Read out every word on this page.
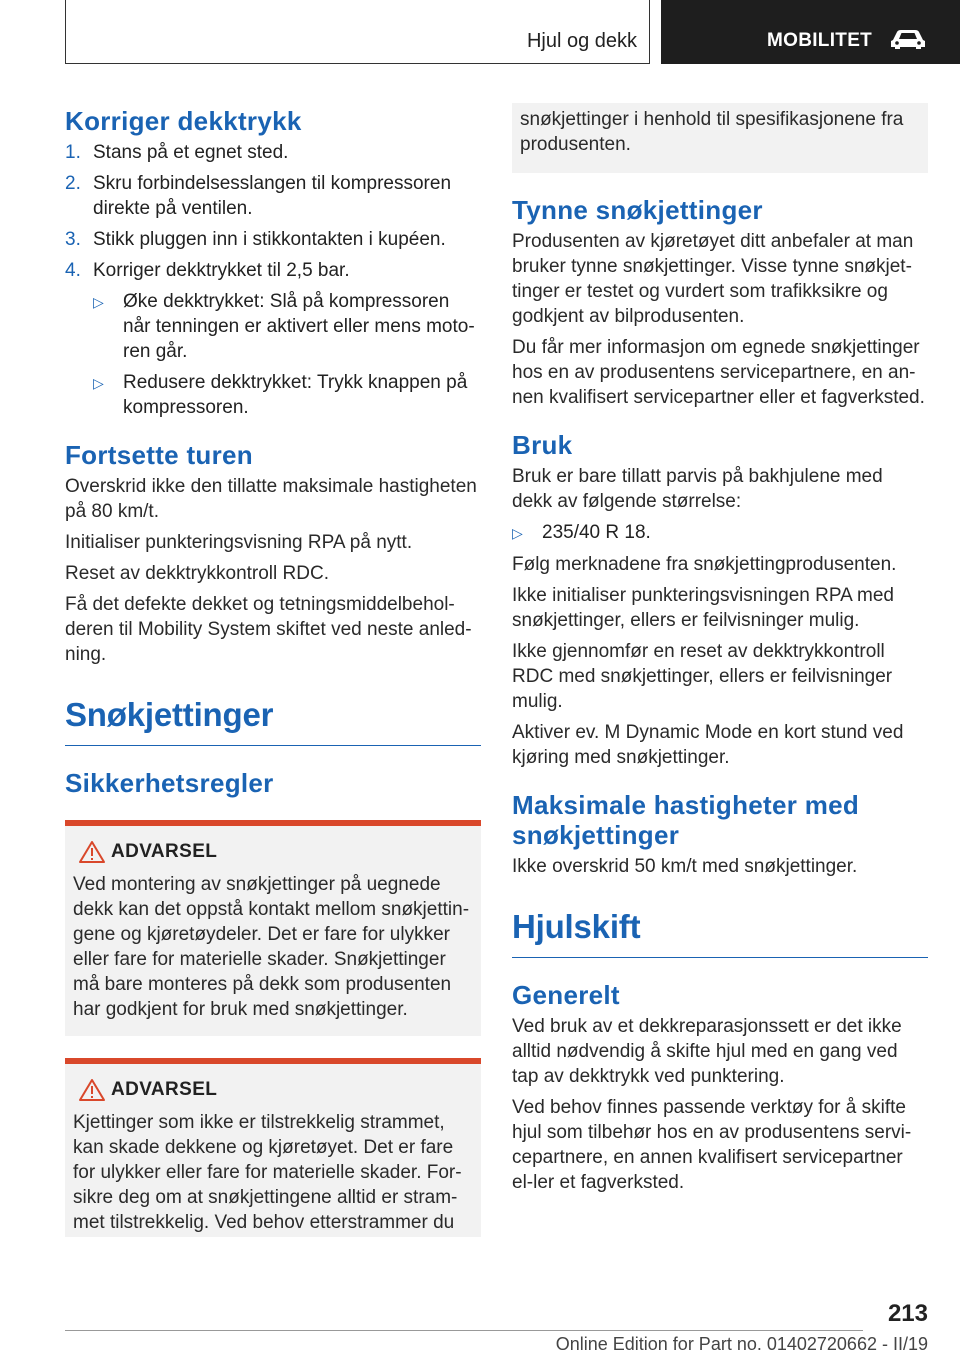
Hjul og dekk	MOBILITET
Korriger dekktrykk
1. Stans på et egnet sted.
2. Skru forbindelsesslangen til kompressoren direkte på ventilen.
3. Stikk pluggen inn i stikkontakten i kupéen.
4. Korriger dekktrykket til 2,5 bar.
▷	Øke dekktrykket: Slå på kompressoren når tenningen er aktivert eller mens moto-ren går.
▷	Redusere dekktrykket: Trykk knappen på kompressoren.
Fortsette turen

Overskrid ikke den tillatte maksimale hastigheten på 80 km/t.

Initialiser punkteringsvisning RPA på nytt.

Reset av dekktrykkontroll RDC.

Få det defekte dekket og tetningsmiddelbehol-deren til Mobility System skiftet ved neste anled-ning.

Snøkjettinger
Sikkerhetsregler
ADVARSEL

Ved montering av snøkjettinger på uegnede dekk kan det oppstå kontakt mellom snøkjettin-gene og kjøretøydeler. Det er fare for ulykker eller fare for materielle skader. Snøkjettinger må bare monteres på dekk som produsenten har godkjent for bruk med snøkjettinger.

ADVARSEL

Kjettinger som ikke er tilstrekkelig strammet, kan skade dekkene og kjøretøyet. Det er fare for ulykker eller fare for materielle skader. For-sikre deg om at snøkjettingene alltid er stram-met tilstrekkelig. Ved behov etterstrammer du

snøkjettinger i henhold til spesifikasjonene fra produsenten.

Tynne snøkjettinger

Produsenten av kjøretøyet ditt anbefaler at man bruker tynne snøkjettinger. Visse tynne snøkjet-tinger er testet og vurdert som trafikksikre og godkjent av bilprodusenten.

Du får mer informasjon om egnede snøkjettinger hos en av produsentens servicepartnere, en an-nen kvalifisert servicepartner eller et fagverksted.

Bruk

Bruk er bare tillatt parvis på bakhjulene med dekk av følgende størrelse:

▷	235/40 R 18.

Følg merknadene fra snøkjettingprodusenten.

Ikke initialiser punkteringsvisningen RPA med snøkjettinger, ellers er feilvisninger mulig.

Ikke gjennomfør en reset av dekktrykkontroll RDC med snøkjettinger, ellers er feilvisninger mulig.

Aktiver ev. M Dynamic Mode en kort stund ved kjøring med snøkjettinger.

Maksimale hastigheter med snøkjettinger

Ikke overskrid 50 km/t med snøkjettinger.

Hjulskift
Generelt

Ved bruk av et dekkreparasjonssett er det ikke alltid nødvendig å skifte hjul med en gang ved tap av dekktrykk ved punktering.

Ved behov finnes passende verktøy for å skifte hjul som tilbehør hos en av produsentens servi-cepartnere, en annen kvalifisert servicepartner el-ler et fagverksted.

213
Online Edition for Part no. 01402720662 - II/19
